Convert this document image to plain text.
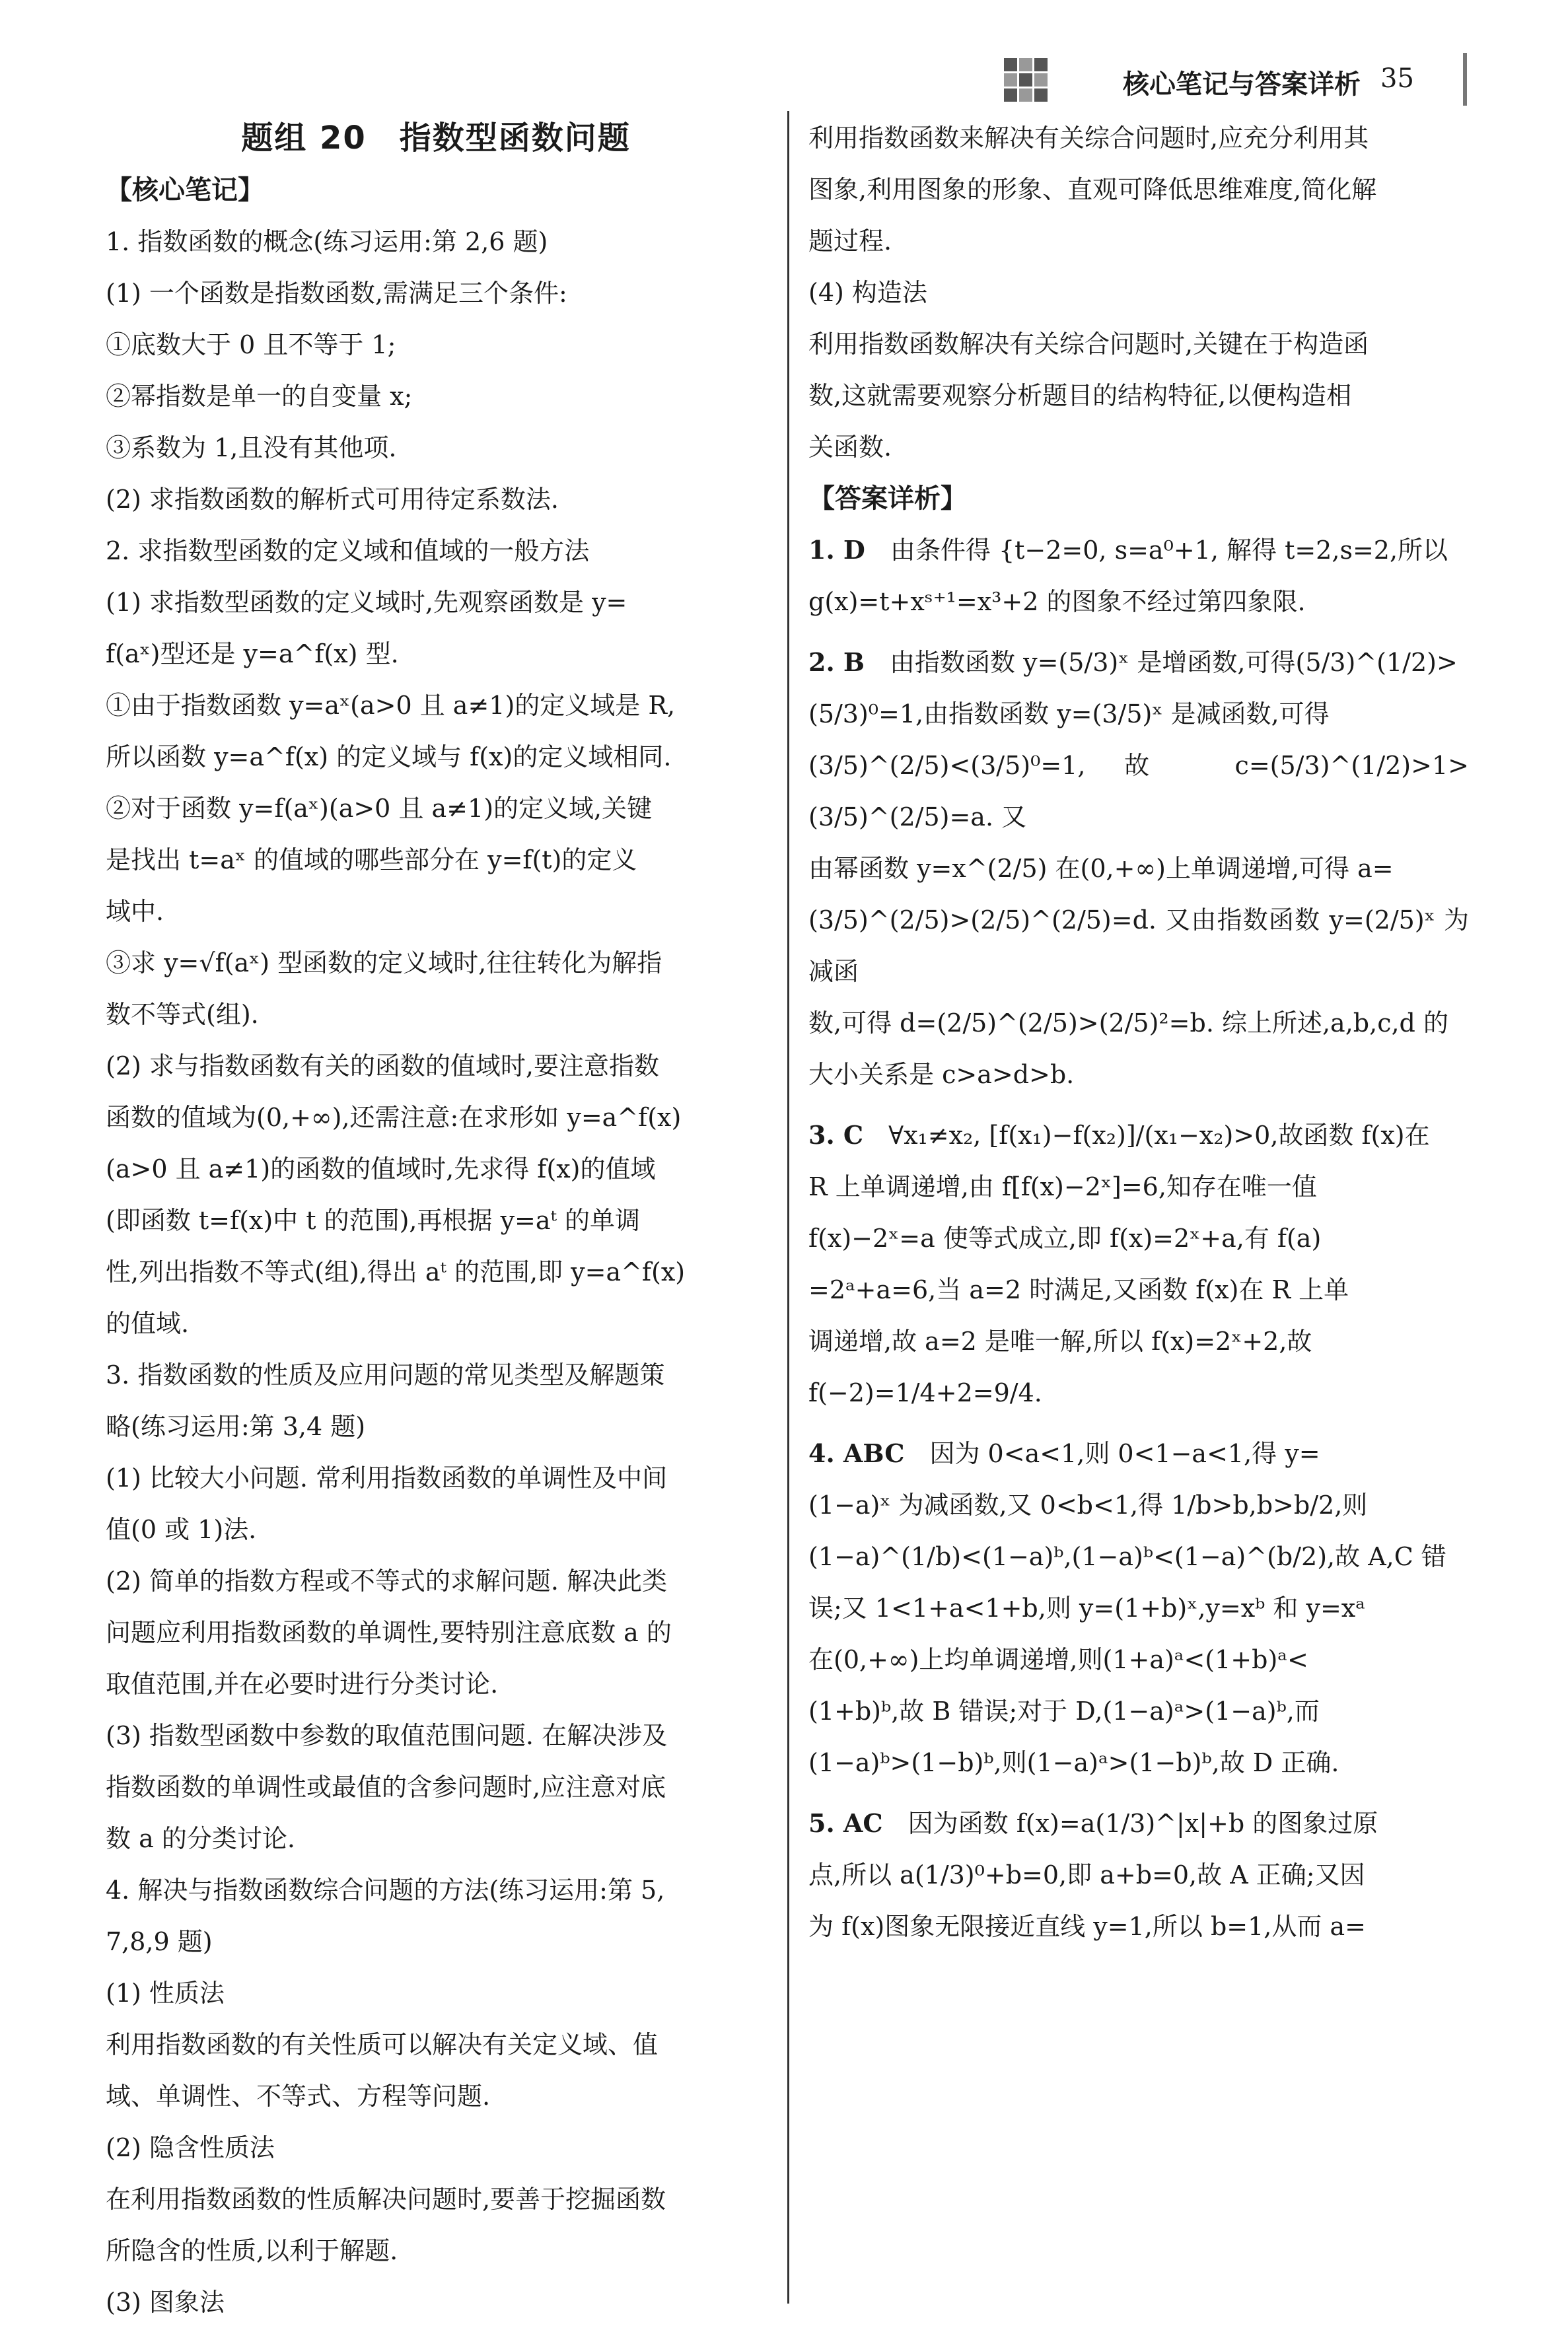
核心笔记与答案详析 35
题组 20　指数型函数问题
【核心笔记】

1. 指数函数的概念(练习运用:第 2,6 题)

(1) 一个函数是指数函数,需满足三个条件:

①底数大于 0 且不等于 1;

②幂指数是单一的自变量 x;

③系数为 1,且没有其他项.

(2) 求指数函数的解析式可用待定系数法.

2. 求指数型函数的定义域和值域的一般方法

(1) 求指数型函数的定义域时,先观察函数是 y=

f(aˣ)型还是 y=a^f(x) 型.

①由于指数函数 y=aˣ(a>0 且 a≠1)的定义域是 R,

所以函数 y=a^f(x) 的定义域与 f(x)的定义域相同.

②对于函数 y=f(aˣ)(a>0 且 a≠1)的定义域,关键

是找出 t=aˣ 的值域的哪些部分在 y=f(t)的定义

域中.

③求 y=√f(aˣ) 型函数的定义域时,往往转化为解指

数不等式(组).

(2) 求与指数函数有关的函数的值域时,要注意指数

函数的值域为(0,+∞),还需注意:在求形如 y=a^f(x)

(a>0 且 a≠1)的函数的值域时,先求得 f(x)的值域

(即函数 t=f(x)中 t 的范围),再根据 y=aᵗ 的单调

性,列出指数不等式(组),得出 aᵗ 的范围,即 y=a^f(x)

的值域.

3. 指数函数的性质及应用问题的常见类型及解题策

略(练习运用:第 3,4 题)

(1) 比较大小问题. 常利用指数函数的单调性及中间

值(0 或 1)法.

(2) 简单的指数方程或不等式的求解问题. 解决此类

问题应利用指数函数的单调性,要特别注意底数 a 的

取值范围,并在必要时进行分类讨论.

(3) 指数型函数中参数的取值范围问题. 在解决涉及

指数函数的单调性或最值的含参问题时,应注意对底

数 a 的分类讨论.

4. 解决与指数函数综合问题的方法(练习运用:第 5,

7,8,9 题)

(1) 性质法

利用指数函数的有关性质可以解决有关定义域、值

域、单调性、不等式、方程等问题.

(2) 隐含性质法

在利用指数函数的性质解决问题时,要善于挖掘函数

所隐含的性质,以利于解题.

(3) 图象法

利用指数函数来解决有关综合问题时,应充分利用其

图象,利用图象的形象、直观可降低思维难度,简化解

题过程.

(4) 构造法

利用指数函数解决有关综合问题时,关键在于构造函

数,这就需要观察分析题目的结构特征,以便构造相

关函数.

【答案详析】

1. D　 由条件得 {t−2=0, s=a⁰+1, 解得 t=2,s=2,所以

g(x)=t+xˢ⁺¹=x³+2 的图象不经过第四象限.

2. B　 由指数函数 y=(5/3)ˣ 是增函数,可得(5/3)^(1/2)>

(5/3)⁰=1,由指数函数 y=(3/5)ˣ 是减函数,可得

(3/5)^(2/5)<(3/5)⁰=1,故 c=(5/3)^(1/2)>1>(3/5)^(2/5)=a. 又

由幂函数 y=x^(2/5) 在(0,+∞)上单调递增,可得 a=

(3/5)^(2/5)>(2/5)^(2/5)=d. 又由指数函数 y=(2/5)ˣ 为减函

数,可得 d=(2/5)^(2/5)>(2/5)²=b. 综上所述,a,b,c,d 的

大小关系是 c>a>d>b.

3. C　 ∀x₁≠x₂, [f(x₁)−f(x₂)]/(x₁−x₂)>0,故函数 f(x)在

R 上单调递增,由 f[f(x)−2ˣ]=6,知存在唯一值

f(x)−2ˣ=a 使等式成立,即 f(x)=2ˣ+a,有 f(a)

=2ᵃ+a=6,当 a=2 时满足,又函数 f(x)在 R 上单

调递增,故 a=2 是唯一解,所以 f(x)=2ˣ+2,故

f(−2)=1/4+2=9/4.

4. ABC　 因为 0<a<1,则 0<1−a<1,得 y=

(1−a)ˣ 为减函数,又 0<b<1,得 1/b>b,b>b/2,则

(1−a)^(1/b)<(1−a)ᵇ,(1−a)ᵇ<(1−a)^(b/2),故 A,C 错

误;又 1<1+a<1+b,则 y=(1+b)ˣ,y=xᵇ 和 y=xᵃ

在(0,+∞)上均单调递增,则(1+a)ᵃ<(1+b)ᵃ<

(1+b)ᵇ,故 B 错误;对于 D,(1−a)ᵃ>(1−a)ᵇ,而

(1−a)ᵇ>(1−b)ᵇ,则(1−a)ᵃ>(1−b)ᵇ,故 D 正确.

5. AC　 因为函数 f(x)=a(1/3)^|x|+b 的图象过原

点,所以 a(1/3)⁰+b=0,即 a+b=0,故 A 正确;又因

为 f(x)图象无限接近直线 y=1,所以 b=1,从而 a=
